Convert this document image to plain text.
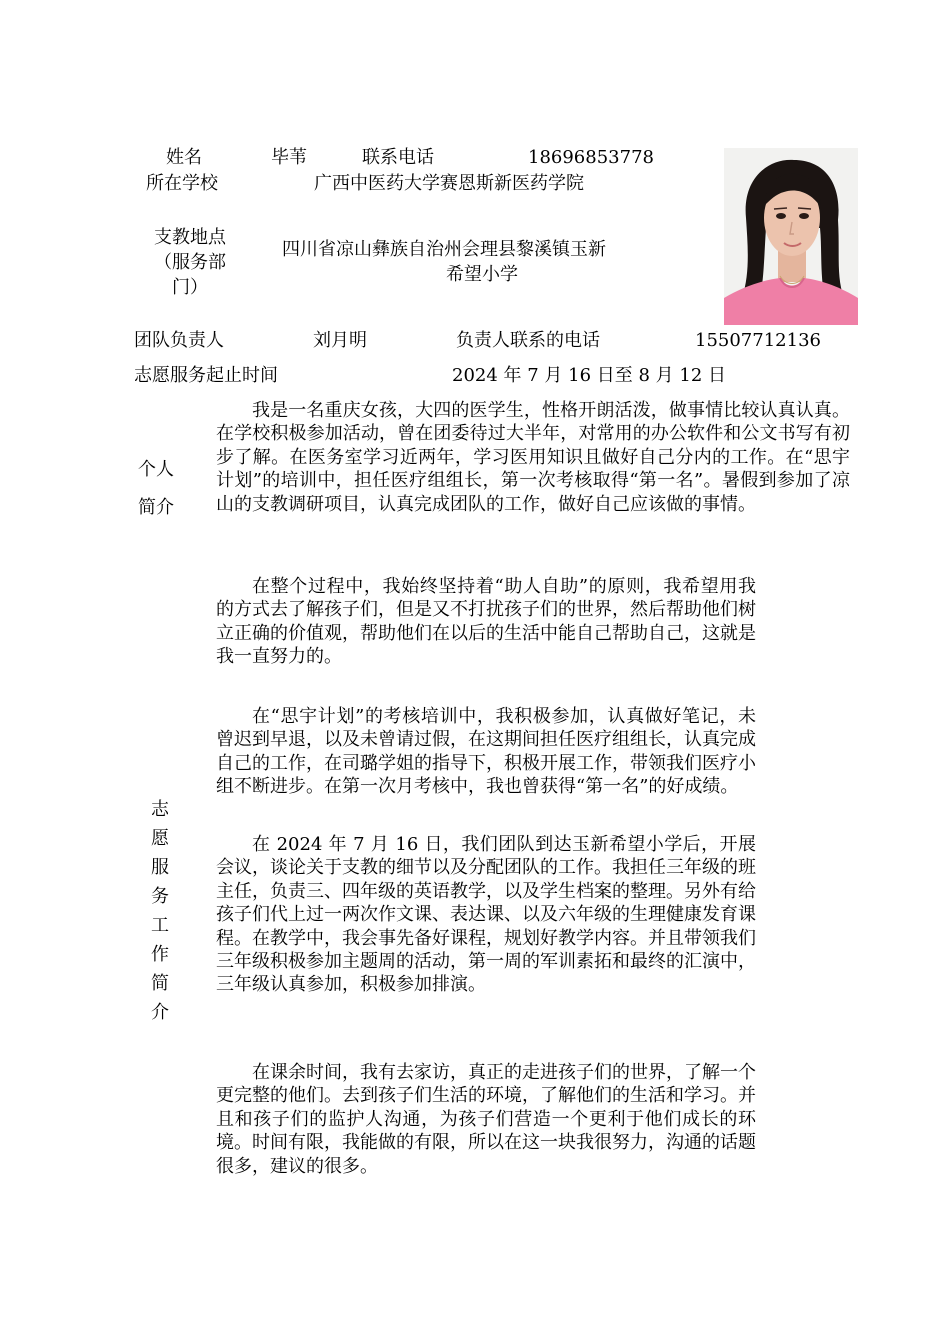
姓名	毕苇	联系电话	18696853778
所在学校	广西中医药大学赛恩斯新医药学院
支教地点
（服务部
门）
四川省凉山彝族自治州会理县黎溪镇玉新
希望小学
团队负责人	刘月明	负责人联系的电话	15507712136
志愿服务起止时间	2024 年 7 月 16 日至 8 月 12 日
个人
简介

我是一名重庆女孩，大四的医学生，性格开朗活泼，做事情比较认真认真。在学校积极参加活动，曾在团委待过大半年，对常用的办公软件和公文书写有初步了解。在医务室学习近两年，学习医用知识且做好自己分内的工作。在“思宇计划”的培训中，担任医疗组组长，第一次考核取得“第一名”。暑假到参加了凉山的支教调研项目，认真完成团队的工作，做好自己应该做的事情。

志愿服务工作简介

在整个过程中，我始终坚持着“助人自助”的原则，我希望用我的方式去了解孩子们，但是又不打扰孩子们的世界，然后帮助他们树立正确的价值观，帮助他们在以后的生活中能自己帮助自己，这就是我一直努力的。

在“思宇计划”的考核培训中，我积极参加，认真做好笔记，未曾迟到早退，以及未曾请过假，在这期间担任医疗组组长，认真完成自己的工作，在司璐学姐的指导下，积极开展工作，带领我们医疗小组不断进步。在第一次月考核中，我也曾获得“第一名”的好成绩。

在 2024 年 7 月 16 日，我们团队到达玉新希望小学后，开展会议，谈论关于支教的细节以及分配团队的工作。我担任三年级的班主任，负责三、四年级的英语教学，以及学生档案的整理。另外有给孩子们代上过一两次作文课、表达课、以及六年级的生理健康发育课程。在教学中，我会事先备好课程，规划好教学内容。并且带领我们三年级积极参加主题周的活动，第一周的军训素拓和最终的汇演中，三年级认真参加，积极参加排演。

在课余时间，我有去家访，真正的走进孩子们的世界，了解一个更完整的他们。去到孩子们生活的环境，了解他们的生活和学习。并且和孩子们的监护人沟通，为孩子们营造一个更利于他们成长的环境。时间有限，我能做的有限，所以在这一块我很努力，沟通的话题很多，建议的很多。
